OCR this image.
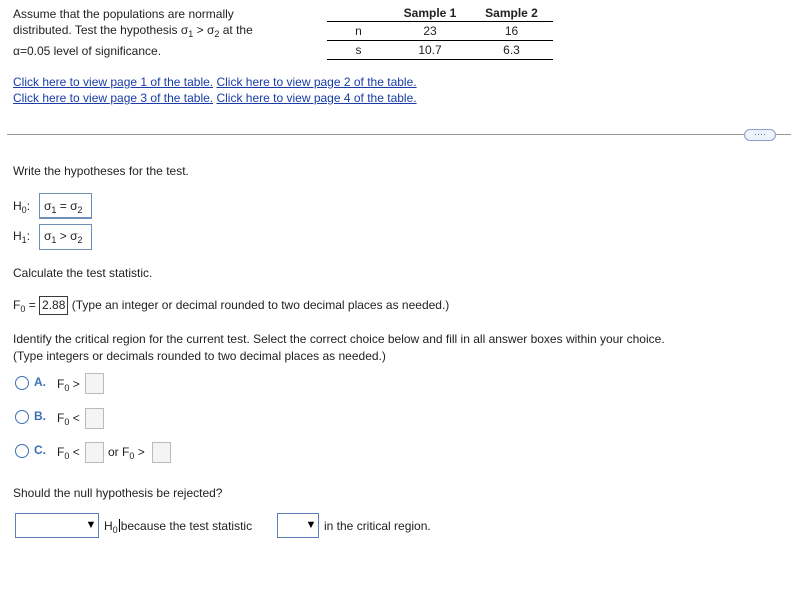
Assume that the populations are normally
distributed. Test the hypothesis $\sigma_1 > \sigma_2$ at the
α=0.05 level of significance.
	Sample 1	Sample 2
n	23	16
s	10.7	6.3
Click here to view page 1 of the table. Click here to view page 2 of the table.
Click here to view page 3 of the table. Click here to view page 4 of the table.
····
Write the hypotheses for the test.
$H_0$: $\sigma_1 = \sigma_2$
$H_1$: $\sigma_1 > \sigma_2$
Calculate the test statistic.
$F_0 = 2.88$ (Type an integer or decimal rounded to two decimal places as needed.)
Identify the critical region for the current test. Select the correct choice below and fill in all answer boxes within your choice.
(Type integers or decimals rounded to two decimal places as needed.)
A. $F_0$ >
B. $F_0$ <
C. $F_0$ < or $F_0$ >
Should the null hypothesis be rejected?
▼ $H_0$ because the test statistic	▼ in the critical region.
